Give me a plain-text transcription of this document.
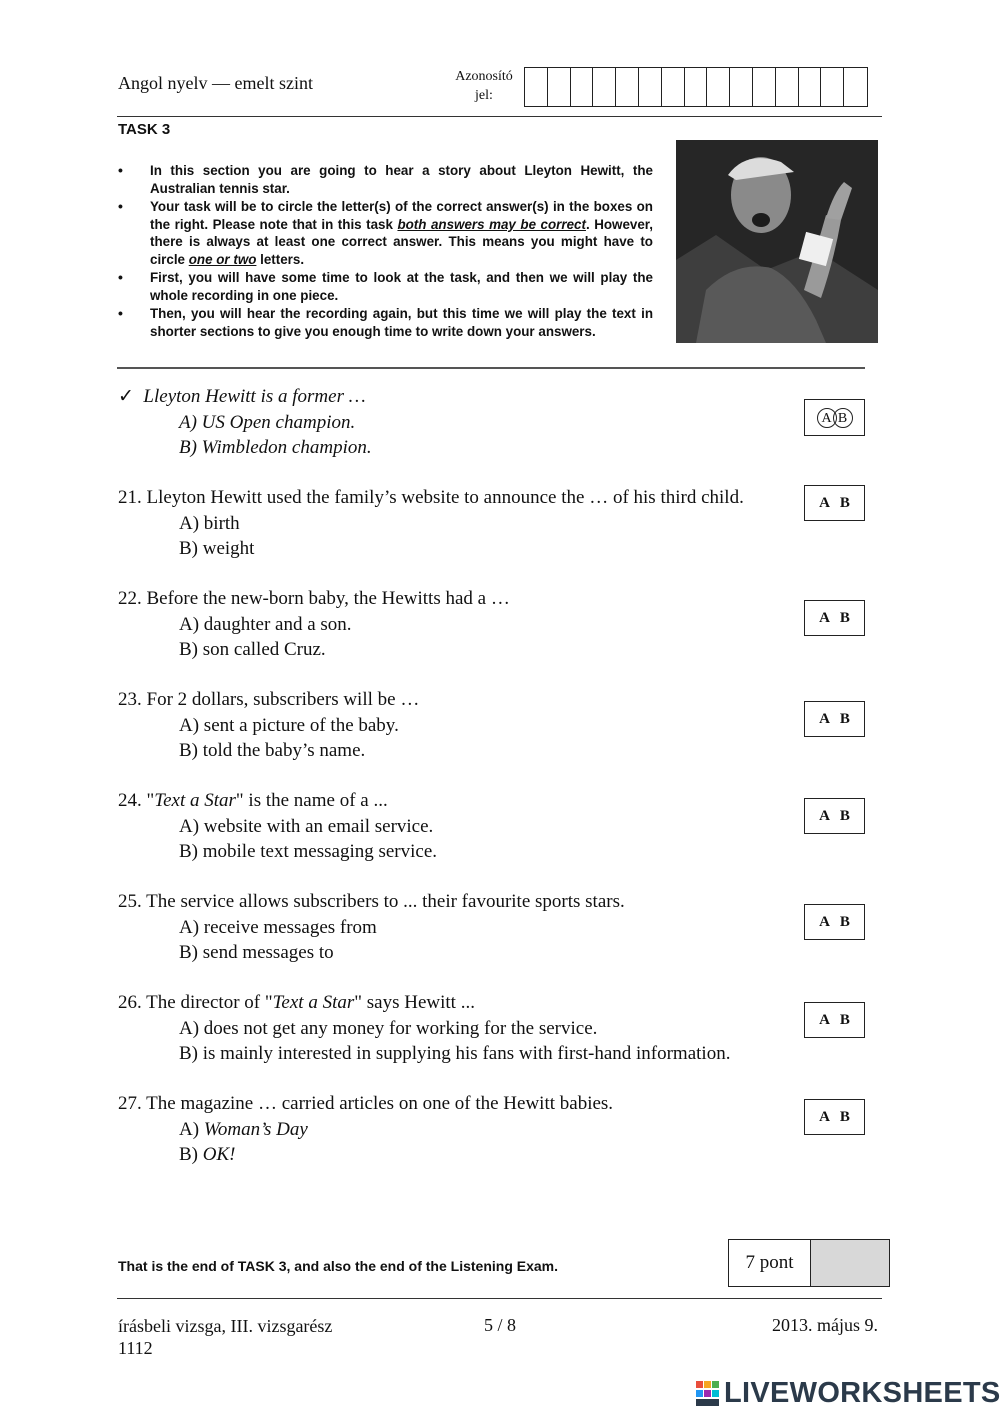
Angol nyelv — emelt szint	Azonosító
jel:
TASK 3
• In this section you are going to hear a story about Lleyton Hewitt, the Australian tennis star.
• Your task will be to circle the letter(s) of the correct answer(s) in the boxes on the right. Please note that in this task both answers may be correct. However, there is always at least one correct answer. This means you might have to circle one or two letters.
• First, you will have some time to look at the task, and then we will play the whole recording in one piece.
• Then, you will hear the recording again, but this time we will play the text in shorter sections to give you enough time to write down your answers.
✓ Lleyton Hewitt is a former …
A) US Open champion.
B) Wimbledon champion.
A B
21. Lleyton Hewitt used the family’s website to announce the … of his third child.
A) birth
B) weight
A B
22. Before the new-born baby, the Hewitts had a …
A) daughter and a son.
B) son called Cruz.
A B
23. For 2 dollars, subscribers will be …
A) sent a picture of the baby.
B) told the baby’s name.
A B
24. "Text a Star" is the name of a ...
A) website with an email service.
B) mobile text messaging service.
A B
25. The service allows subscribers to ... their favourite sports stars.
A) receive messages from
B) send messages to
A B
26. The director of "Text a Star" says Hewitt ...
A) does not get any money for working for the service.
B) is mainly interested in supplying his fans with first-hand information.
A B
27. The magazine … carried articles on one of the Hewitt babies.
A) Woman’s Day
B) OK!
A B
That is the end of TASK 3, and also the end of the Listening Exam.	7 pont
írásbeli vizsga, III. vizsgarész
1112
5 / 8	2013. május 9.
LIVEWORKSHEETS
